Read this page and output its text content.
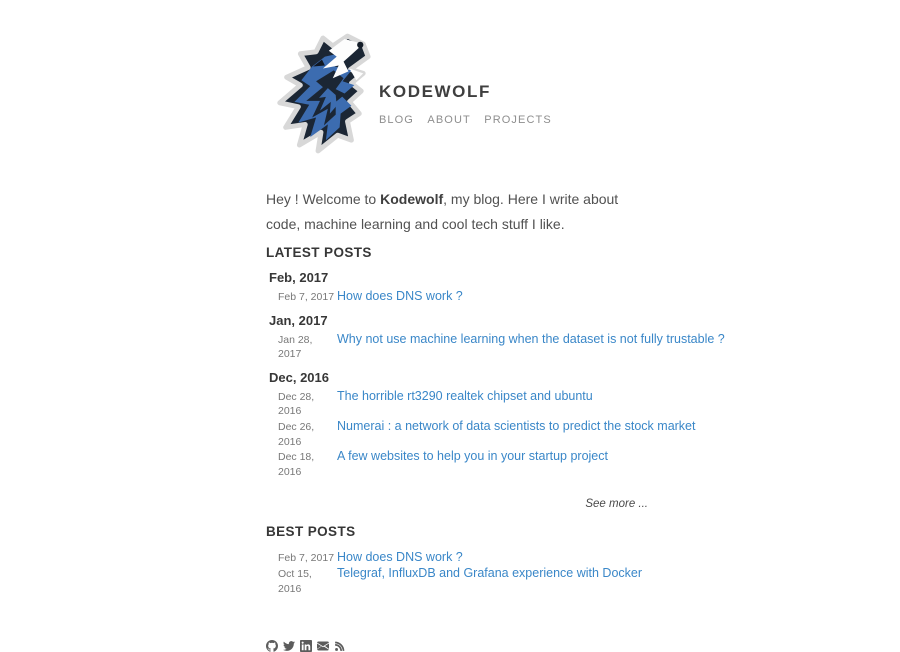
KODEWOLF
BLOG ABOUT PROJECTS

Hey ! Welcome to Kodewolf, my blog. Here I write about code, machine learning and cool tech stuff I like.

LATEST POSTS
Feb, 2017
Feb 7, 2017 How does DNS work ?
Jan, 2017
Jan 28, 2017
Why not use machine learning when the dataset is not fully trustable ?
Dec, 2016
Dec 28, 2016
The horrible rt3290 realtek chipset and ubuntu
Dec 26, 2016
Numerai : a network of data scientists to predict the stock market
Dec 18, 2016
A few websites to help you in your startup project
See more ...
BEST POSTS
Feb 7, 2017 How does DNS work ?
Oct 15, 2016
Telegraf, InfluxDB and Grafana experience with Docker
